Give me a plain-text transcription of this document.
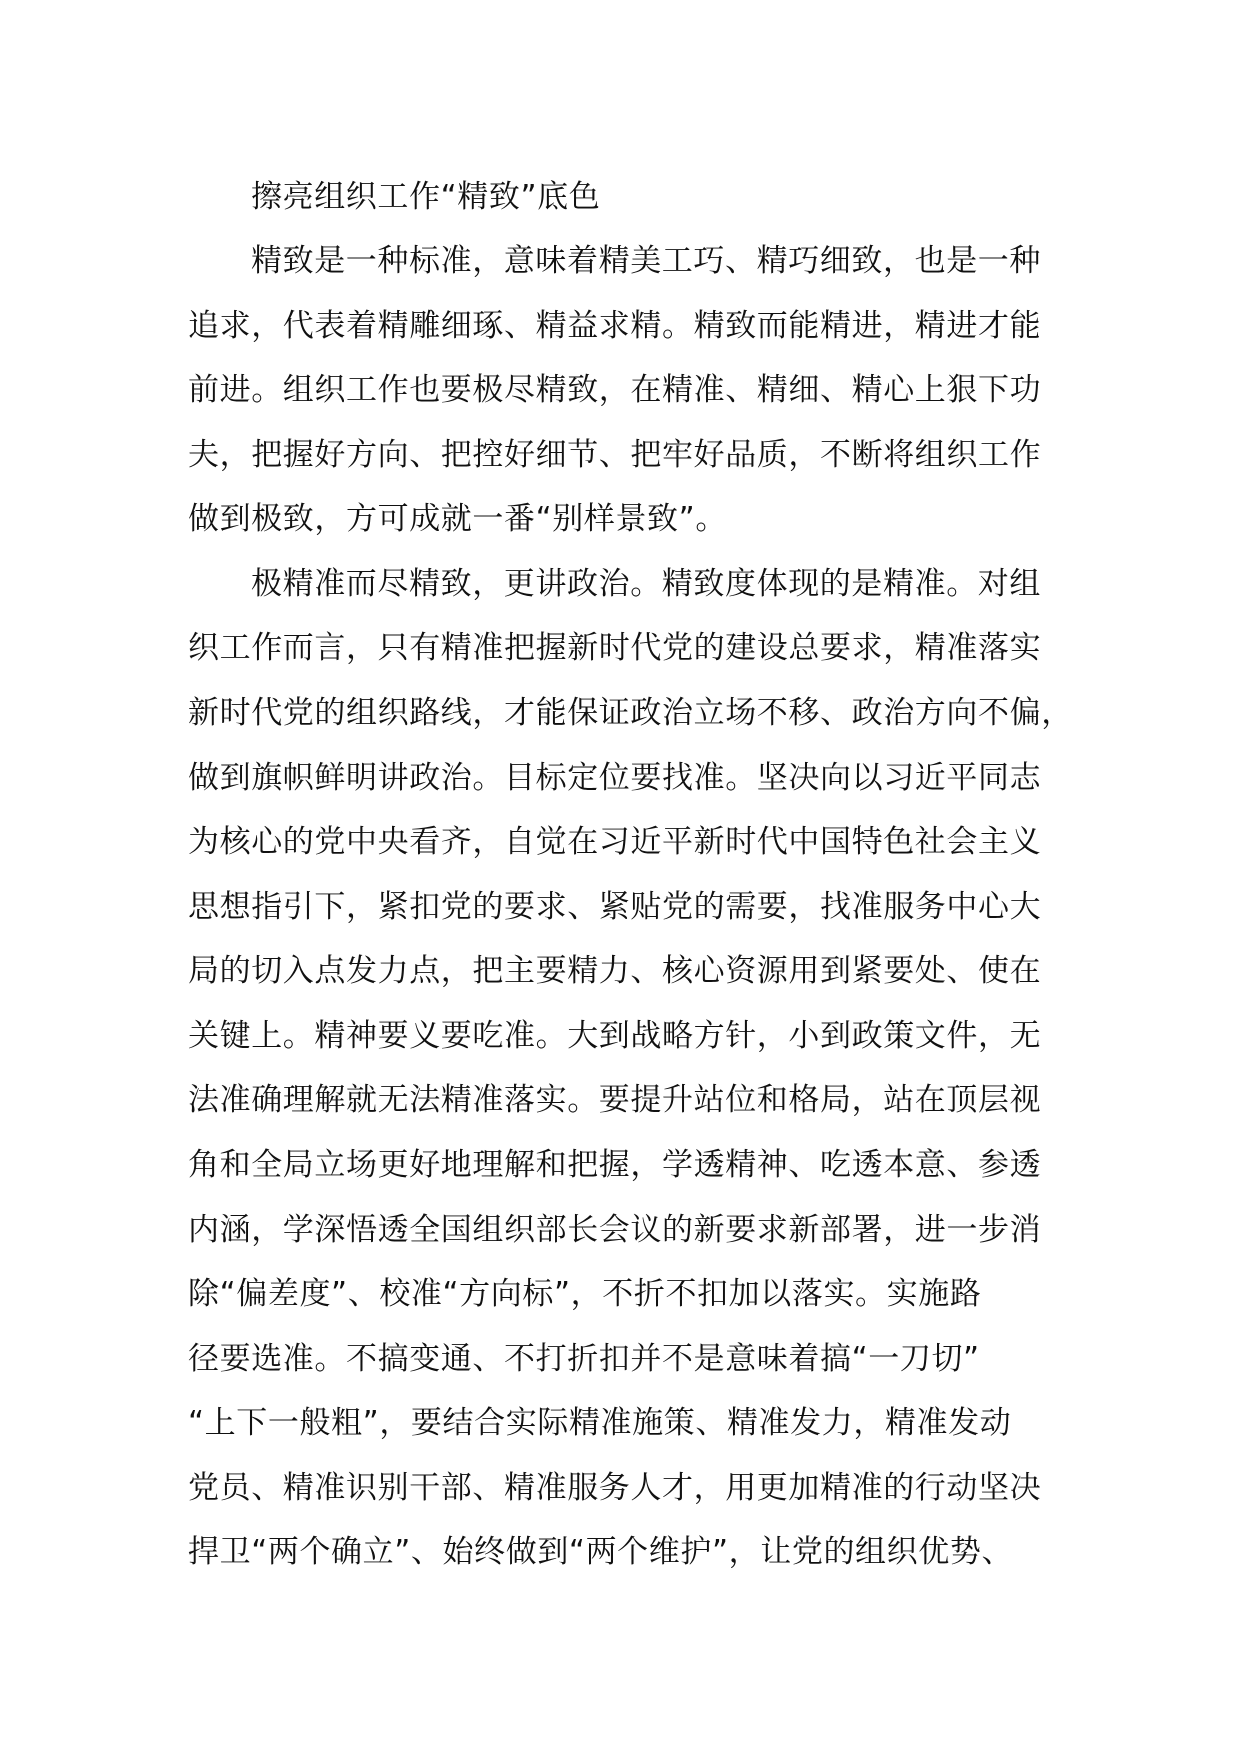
擦亮组织工作“精致”底色
精致是一种标准，意味着精美工巧、精巧细致，也是一种
追求，代表着精雕细琢、精益求精。精致而能精进，精进才能
前进。组织工作也要极尽精致，在精准、精细、精心上狠下功
夫，把握好方向、把控好细节、把牢好品质，不断将组织工作
做到极致，方可成就一番“别样景致”。
极精准而尽精致，更讲政治。精致度体现的是精准。对组
织工作而言，只有精准把握新时代党的建设总要求，精准落实
新时代党的组织路线，才能保证政治立场不移、政治方向不偏，
做到旗帜鲜明讲政治。目标定位要找准。坚决向以习近平同志
为核心的党中央看齐，自觉在习近平新时代中国特色社会主义
思想指引下，紧扣党的要求、紧贴党的需要，找准服务中心大
局的切入点发力点，把主要精力、核心资源用到紧要处、使在
关键上。精神要义要吃准。大到战略方针，小到政策文件，无
法准确理解就无法精准落实。要提升站位和格局，站在顶层视
角和全局立场更好地理解和把握，学透精神、吃透本意、参透
内涵，学深悟透全国组织部长会议的新要求新部署，进一步消
除“偏差度”、校准“方向标”，不折不扣加以落实。实施路
径要选准。不搞变通、不打折扣并不是意味着搞“一刀切”
“上下一般粗”，要结合实际精准施策、精准发力，精准发动
党员、精准识别干部、精准服务人才，用更加精准的行动坚决
捍卫“两个确立”、始终做到“两个维护”，让党的组织优势、
